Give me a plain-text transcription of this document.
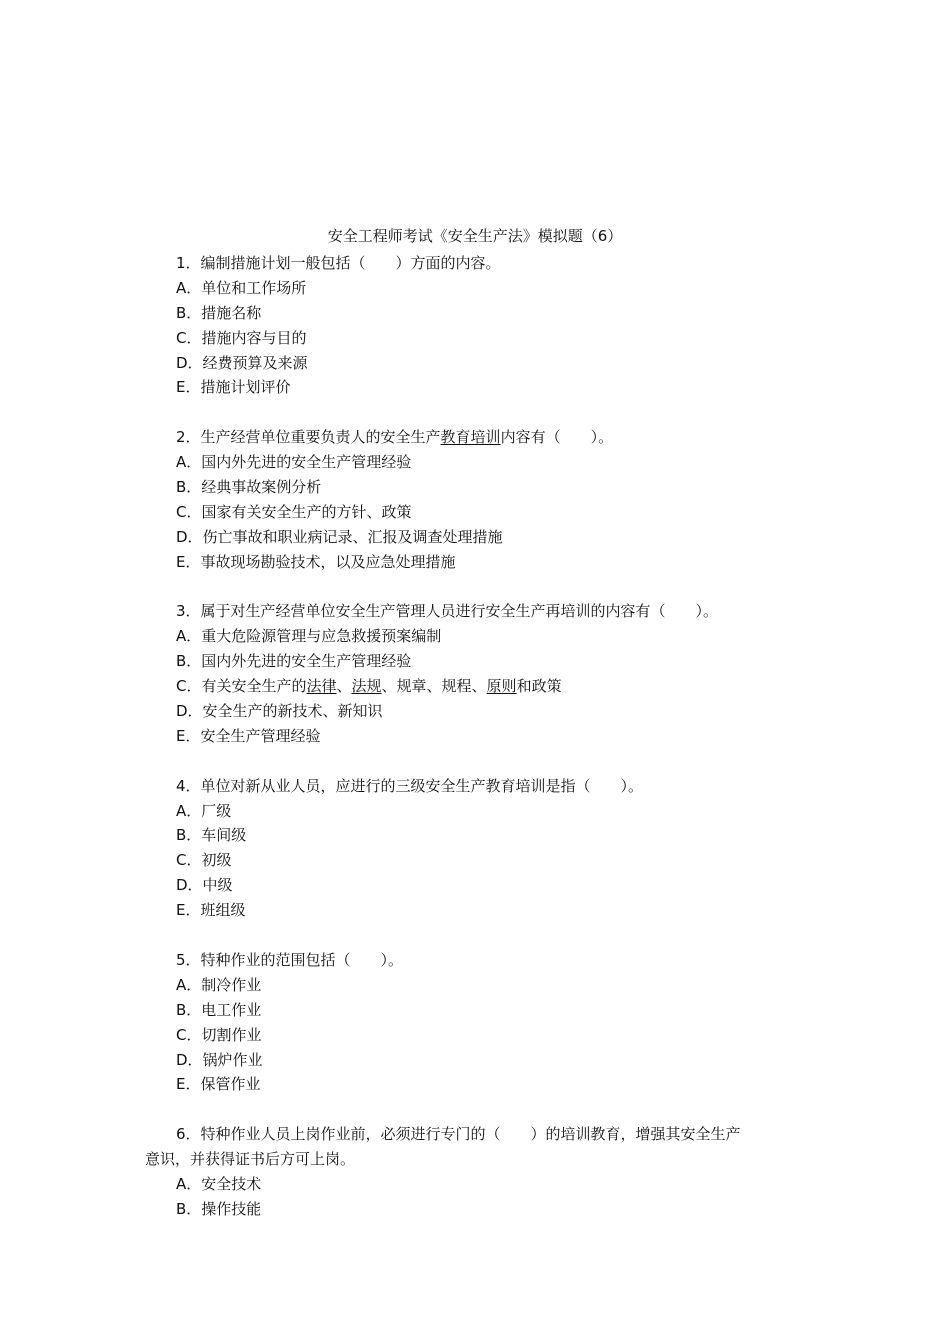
安全工程师考试《安全生产法》模拟题（6）
1．编制措施计划一般包括（　　）方面的内容。
A．单位和工作场所
B．措施名称
C．措施内容与目的
D．经费预算及来源
E．措施计划评价
2．生产经营单位重要负责人的安全生产教育培训内容有（　　）。
A．国内外先进的安全生产管理经验
B．经典事故案例分析
C．国家有关安全生产的方针、政策
D．伤亡事故和职业病记录、汇报及调查处理措施
E．事故现场勘验技术，以及应急处理措施
3．属于对生产经营单位安全生产管理人员进行安全生产再培训的内容有（　　）。
A．重大危险源管理与应急救援预案编制
B．国内外先进的安全生产管理经验
C．有关安全生产的法律、法规、规章、规程、原则和政策
D．安全生产的新技术、新知识
E．安全生产管理经验
4．单位对新从业人员，应进行的三级安全生产教育培训是指（　　）。
A．厂级
B．车间级
C．初级
D．中级
E．班组级
5．特种作业的范围包括（　　）。
A．制冷作业
B．电工作业
C．切割作业
D．锅炉作业
E．保管作业
6．特种作业人员上岗作业前，必须进行专门的（　　）的培训教育，增强其安全生产
意识，并获得证书后方可上岗。
A．安全技术
B．操作技能
